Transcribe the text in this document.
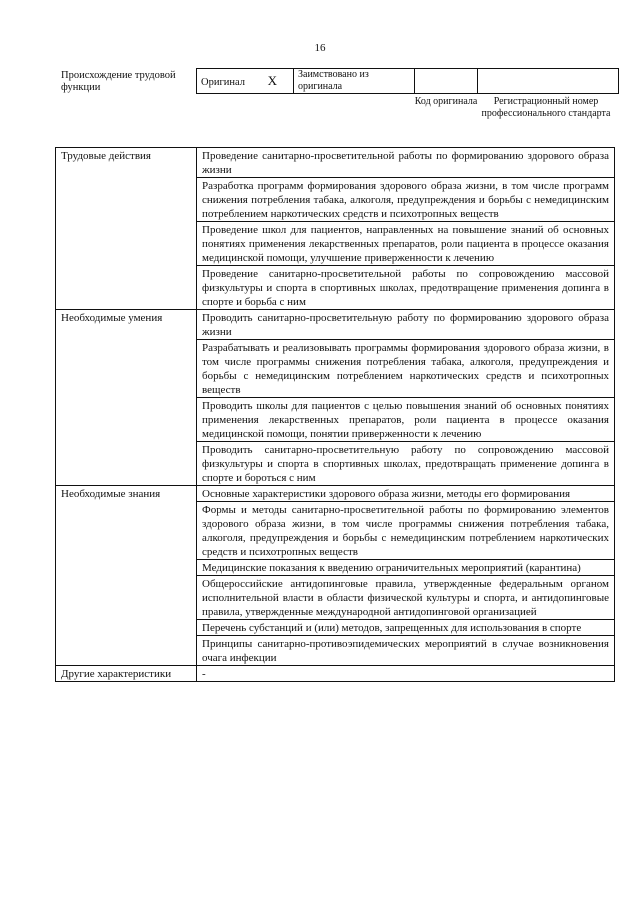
16
Происхождение трудовой функции	Оригинал X	Заимствовано из оригинала		
Код оригинала	Регистрационный номер профессионального стандарта
Трудовые действия	Проведение санитарно-просветительной работы по формированию здорового образа жизни
	Разработка программ формирования здорового образа жизни, в том числе программ снижения потребления табака, алкоголя, предупреждения и борьбы с немедицинским потреблением наркотических средств и психотропных веществ
	Проведение школ для пациентов, направленных на повышение знаний об основных понятиях применения лекарственных препаратов, роли пациента в процессе оказания медицинской помощи, улучшение приверженности к лечению
	Проведение санитарно-просветительной работы по сопровождению массовой физкультуры и спорта в спортивных школах, предотвращение применения допинга в спорте и борьба с ним
Необходимые умения	Проводить санитарно-просветительную работу по формированию здорового образа жизни
	Разрабатывать и реализовывать программы формирования здорового образа жизни, в том числе программы снижения потребления табака, алкоголя, предупреждения и борьбы с немедицинским потреблением наркотических средств и психотропных веществ
	Проводить школы для пациентов с целью повышения знаний об основных понятиях применения лекарственных препаратов, роли пациента в процессе оказания медицинской помощи, понятии приверженности к лечению
	Проводить санитарно-просветительную работу по сопровождению массовой физкультуры и спорта в спортивных школах, предотвращать применение допинга в спорте и бороться с ним
Необходимые знания	Основные характеристики здорового образа жизни, методы его формирования
	Формы и методы санитарно-просветительной работы по формированию элементов здорового образа жизни, в том числе программы снижения потребления табака, алкоголя, предупреждения и борьбы с немедицинским потреблением наркотических средств и психотропных веществ
	Медицинские показания к введению ограничительных мероприятий (карантина)
	Общероссийские антидопинговые правила, утвержденные федеральным органом исполнительной власти в области физической культуры и спорта, и антидопинговые правила, утвержденные международной антидопинговой организацией
	Перечень субстанций и (или) методов, запрещенных для использования в спорте
	Принципы санитарно-противоэпидемических мероприятий в случае возникновения очага инфекции
Другие характеристики	-
